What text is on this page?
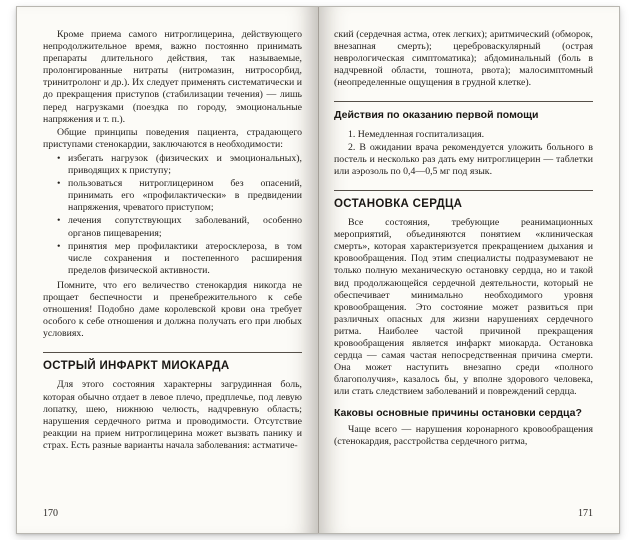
Кроме приема самого нитроглицерина, действующего непродолжительное время, важно постоянно принимать препараты длительного действия, так называемые, пролонгированные нитраты (нитромазин, нитросорбид, тринитролонг и др.). Их следует применять систематически и до прекращения приступов (стабилизации течения) — лишь перед нагрузками (поездка по городу, эмоциональные напряжения и т. п.).

Общие принципы поведения пациента, страдающего приступами стенокардии, заключаются в необходимости:

• избегать нагрузок (физических и эмоциональных), приводящих к приступу;
• пользоваться нитроглицерином без опасений, принимать его «профилактически» в предвидении напряжения, чреватого приступом;
• лечения сопутствующих заболеваний, особенно органов пищеварения;
• принятия мер профилактики атеросклероза, в том числе сохранения и постепенного расширения пределов физической активности.

Помните, что его величество стенокардия никогда не прощает беспечности и пренебрежительного к себе отношения! Подобно даме королевской крови она требует особого к себе отношения и должна получать его при любых условиях.

ОСТРЫЙ ИНФАРКТ МИОКАРДА

Для этого состояния характерны загрудинная боль, которая обычно отдает в левое плечо, предплечье, под левую лопатку, шею, нижнюю челюсть, надчревную область; нарушения сердечного ритма и проводимости. Отсутствие реакции на прием нитроглицерина может вызвать панику и страх. Есть разные варианты начала заболевания: астматиче-

170

ский (сердечная астма, отек легких); аритмический (обморок, внезапная смерть); цереброваскулярный (острая неврологическая симптоматика); абдоминальный (боль в надчревной области, тошнота, рвота); малосимптомный (неопределенные ощущения в грудной клетке).

Действия по оказанию первой помощи

1. Немедленная госпитализация.

2. В ожидании врача рекомендуется уложить больного в постель и несколько раз дать ему нитроглицерин — таблетки или аэрозоль по 0,4—0,5 мг под язык.

ОСТАНОВКА СЕРДЦА

Все состояния, требующие реанимационных мероприятий, объединяются понятием «клиническая смерть», которая характеризуется прекращением дыхания и кровообращения. Под этим специалисты подразумевают не только полную механическую остановку сердца, но и такой вид продолжающейся сердечной деятельности, который не обеспечивает минимально необходимого уровня кровообращения. Это состояние может развиться при различных опасных для жизни нарушениях сердечного ритма. Наиболее частой причиной прекращения кровообращения является инфаркт миокарда. Остановка сердца — самая частая непосредственная причина смерти. Она может наступить внезапно среди «полного благополучия», казалось бы, у вполне здорового человека, или стать следствием заболеваний и повреждений сердца.

Каковы основные причины остановки сердца?

Чаще всего — нарушения коронарного кровообращения (стенокардия, расстройства сердечного ритма,

171
